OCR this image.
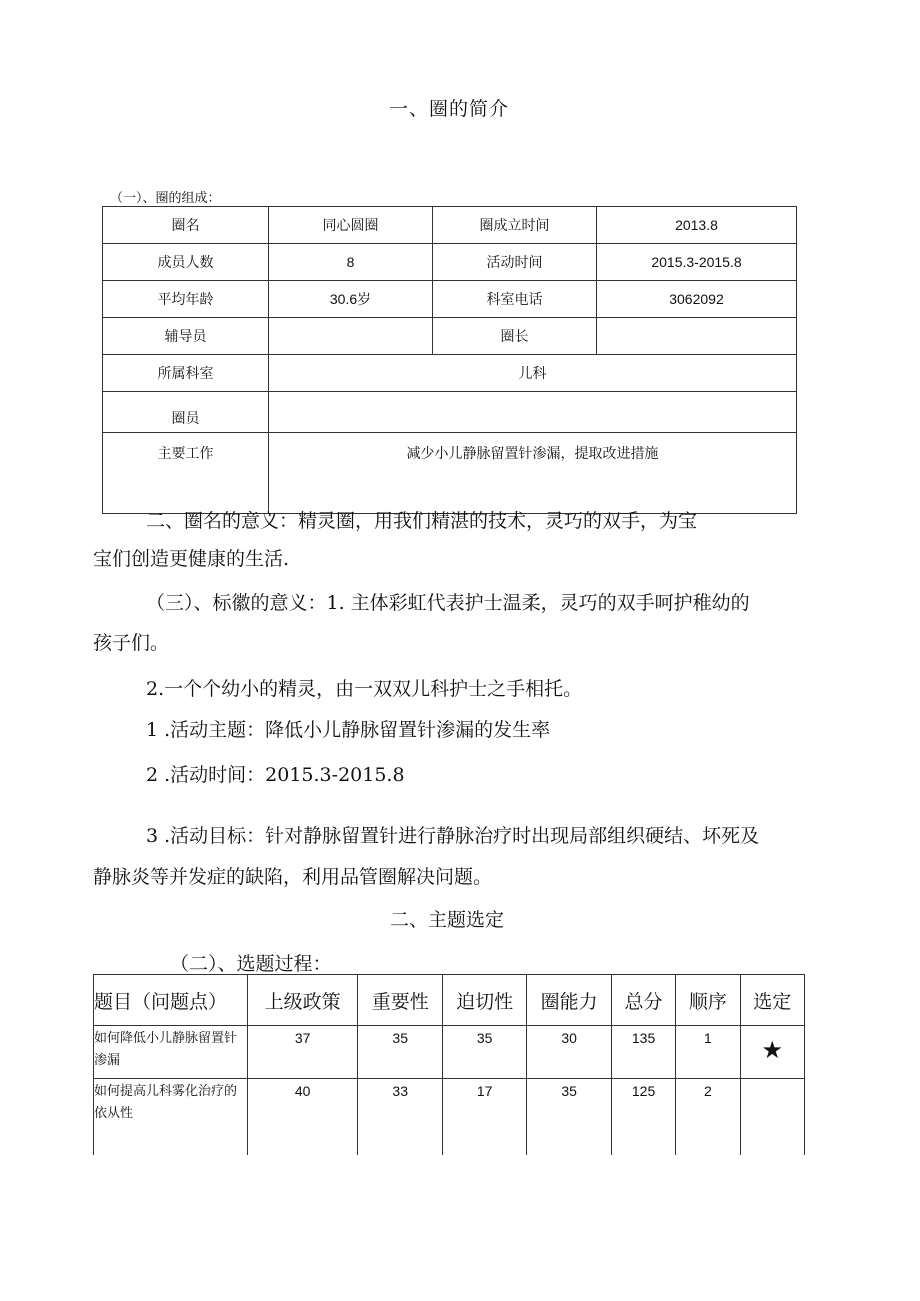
一、圈的简介
（一）、圈的组成：
圈名	同心圆圈	圈成立时间	2013.8
成员人数	8	活动时间	2015.3-2015.8
平均年龄	30.6岁	科室电话	3062092
辅导员		圈长	
所属科室	儿科		
圈员			
主要工作	减少小儿静脉留置针渗漏，提取改进措施		
二、圈名的意义：精灵圈，用我们精湛的技术，灵巧的双手，为宝
宝们创造更健康的生活.
（三）、标徽的意义：1. 主体彩虹代表护士温柔，灵巧的双手呵护稚幼的
孩子们。
2.一个个幼小的精灵，由一双双儿科护士之手相托。
1 .活动主题：降低小儿静脉留置针渗漏的发生率
2 .活动时间：2015.3-2015.8
3 .活动目标：针对静脉留置针进行静脉治疗时出现局部组织硬结、坏死及
静脉炎等并发症的缺陷，利用品管圈解决问题。
二、主题选定
（二）、选题过程：
题目（问题点）	上级政策	重要性	迫切性	圈能力	总分	顺序	选定
如何降低小儿静脉留置针渗漏	37	35	35	30	135	1	★

如何提高儿科雾化治疗的依从性	40	33	17	35	125	2	
